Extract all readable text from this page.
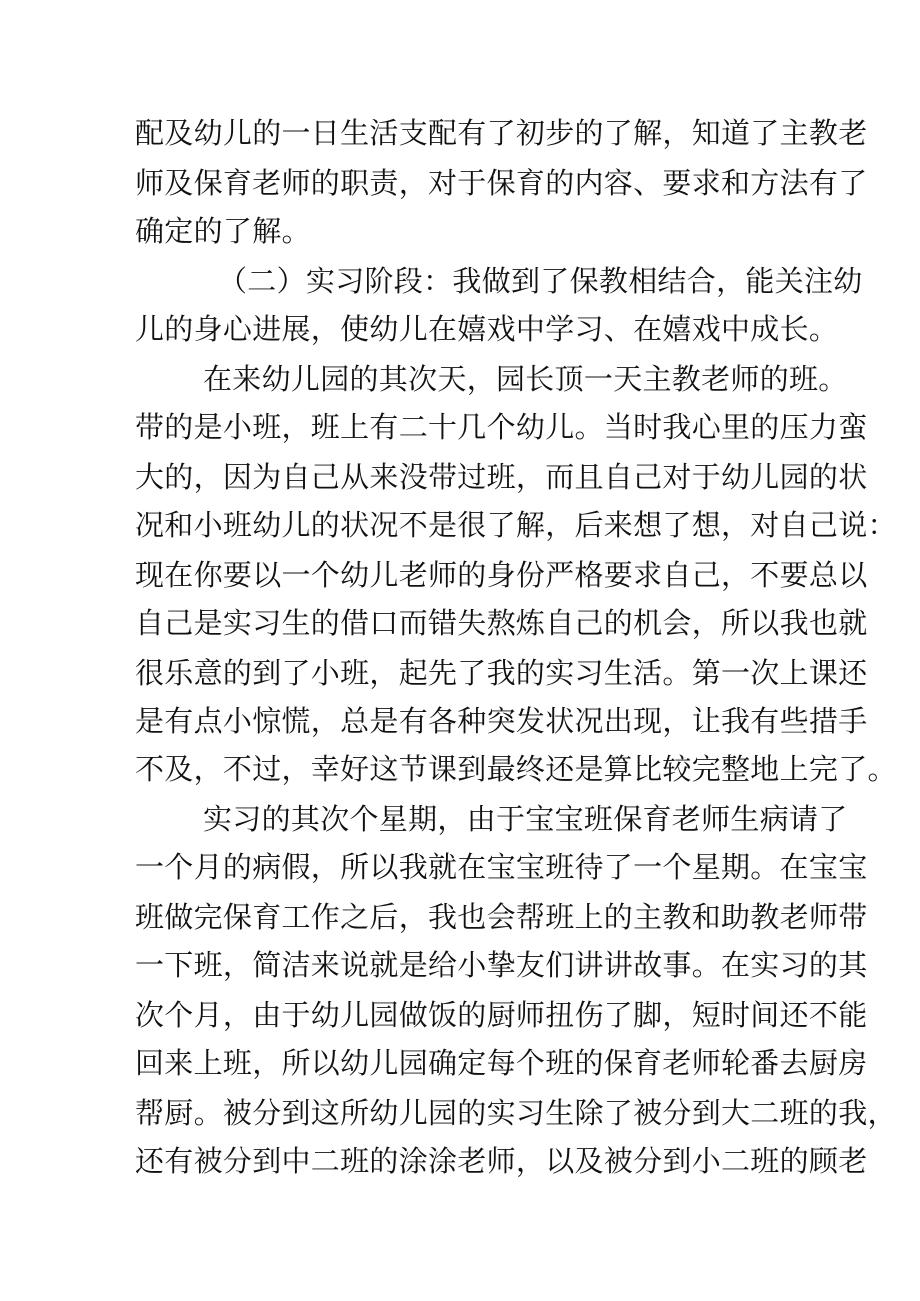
配及幼儿的一日生活支配有了初步的了解，知道了主教老
师及保育老师的职责，对于保育的内容、要求和方法有了
确定的了解。
（二）实习阶段：我做到了保教相结合，能关注幼
儿的身心进展，使幼儿在嬉戏中学习、在嬉戏中成长。
在来幼儿园的其次天，园长顶一天主教老师的班。
带的是小班，班上有二十几个幼儿。当时我心里的压力蛮
大的，因为自己从来没带过班，而且自己对于幼儿园的状
况和小班幼儿的状况不是很了解，后来想了想，对自己说：
现在你要以一个幼儿老师的身份严格要求自己，不要总以
自己是实习生的借口而错失熬炼自己的机会，所以我也就
很乐意的到了小班，起先了我的实习生活。第一次上课还
是有点小惊慌，总是有各种突发状况出现，让我有些措手
不及，不过，幸好这节课到最终还是算比较完整地上完了。
实习的其次个星期，由于宝宝班保育老师生病请了
一个月的病假，所以我就在宝宝班待了一个星期。在宝宝
班做完保育工作之后，我也会帮班上的主教和助教老师带
一下班，简洁来说就是给小挚友们讲讲故事。在实习的其
次个月，由于幼儿园做饭的厨师扭伤了脚，短时间还不能
回来上班，所以幼儿园确定每个班的保育老师轮番去厨房
帮厨。被分到这所幼儿园的实习生除了被分到大二班的我，
还有被分到中二班的涂涂老师，以及被分到小二班的顾老
